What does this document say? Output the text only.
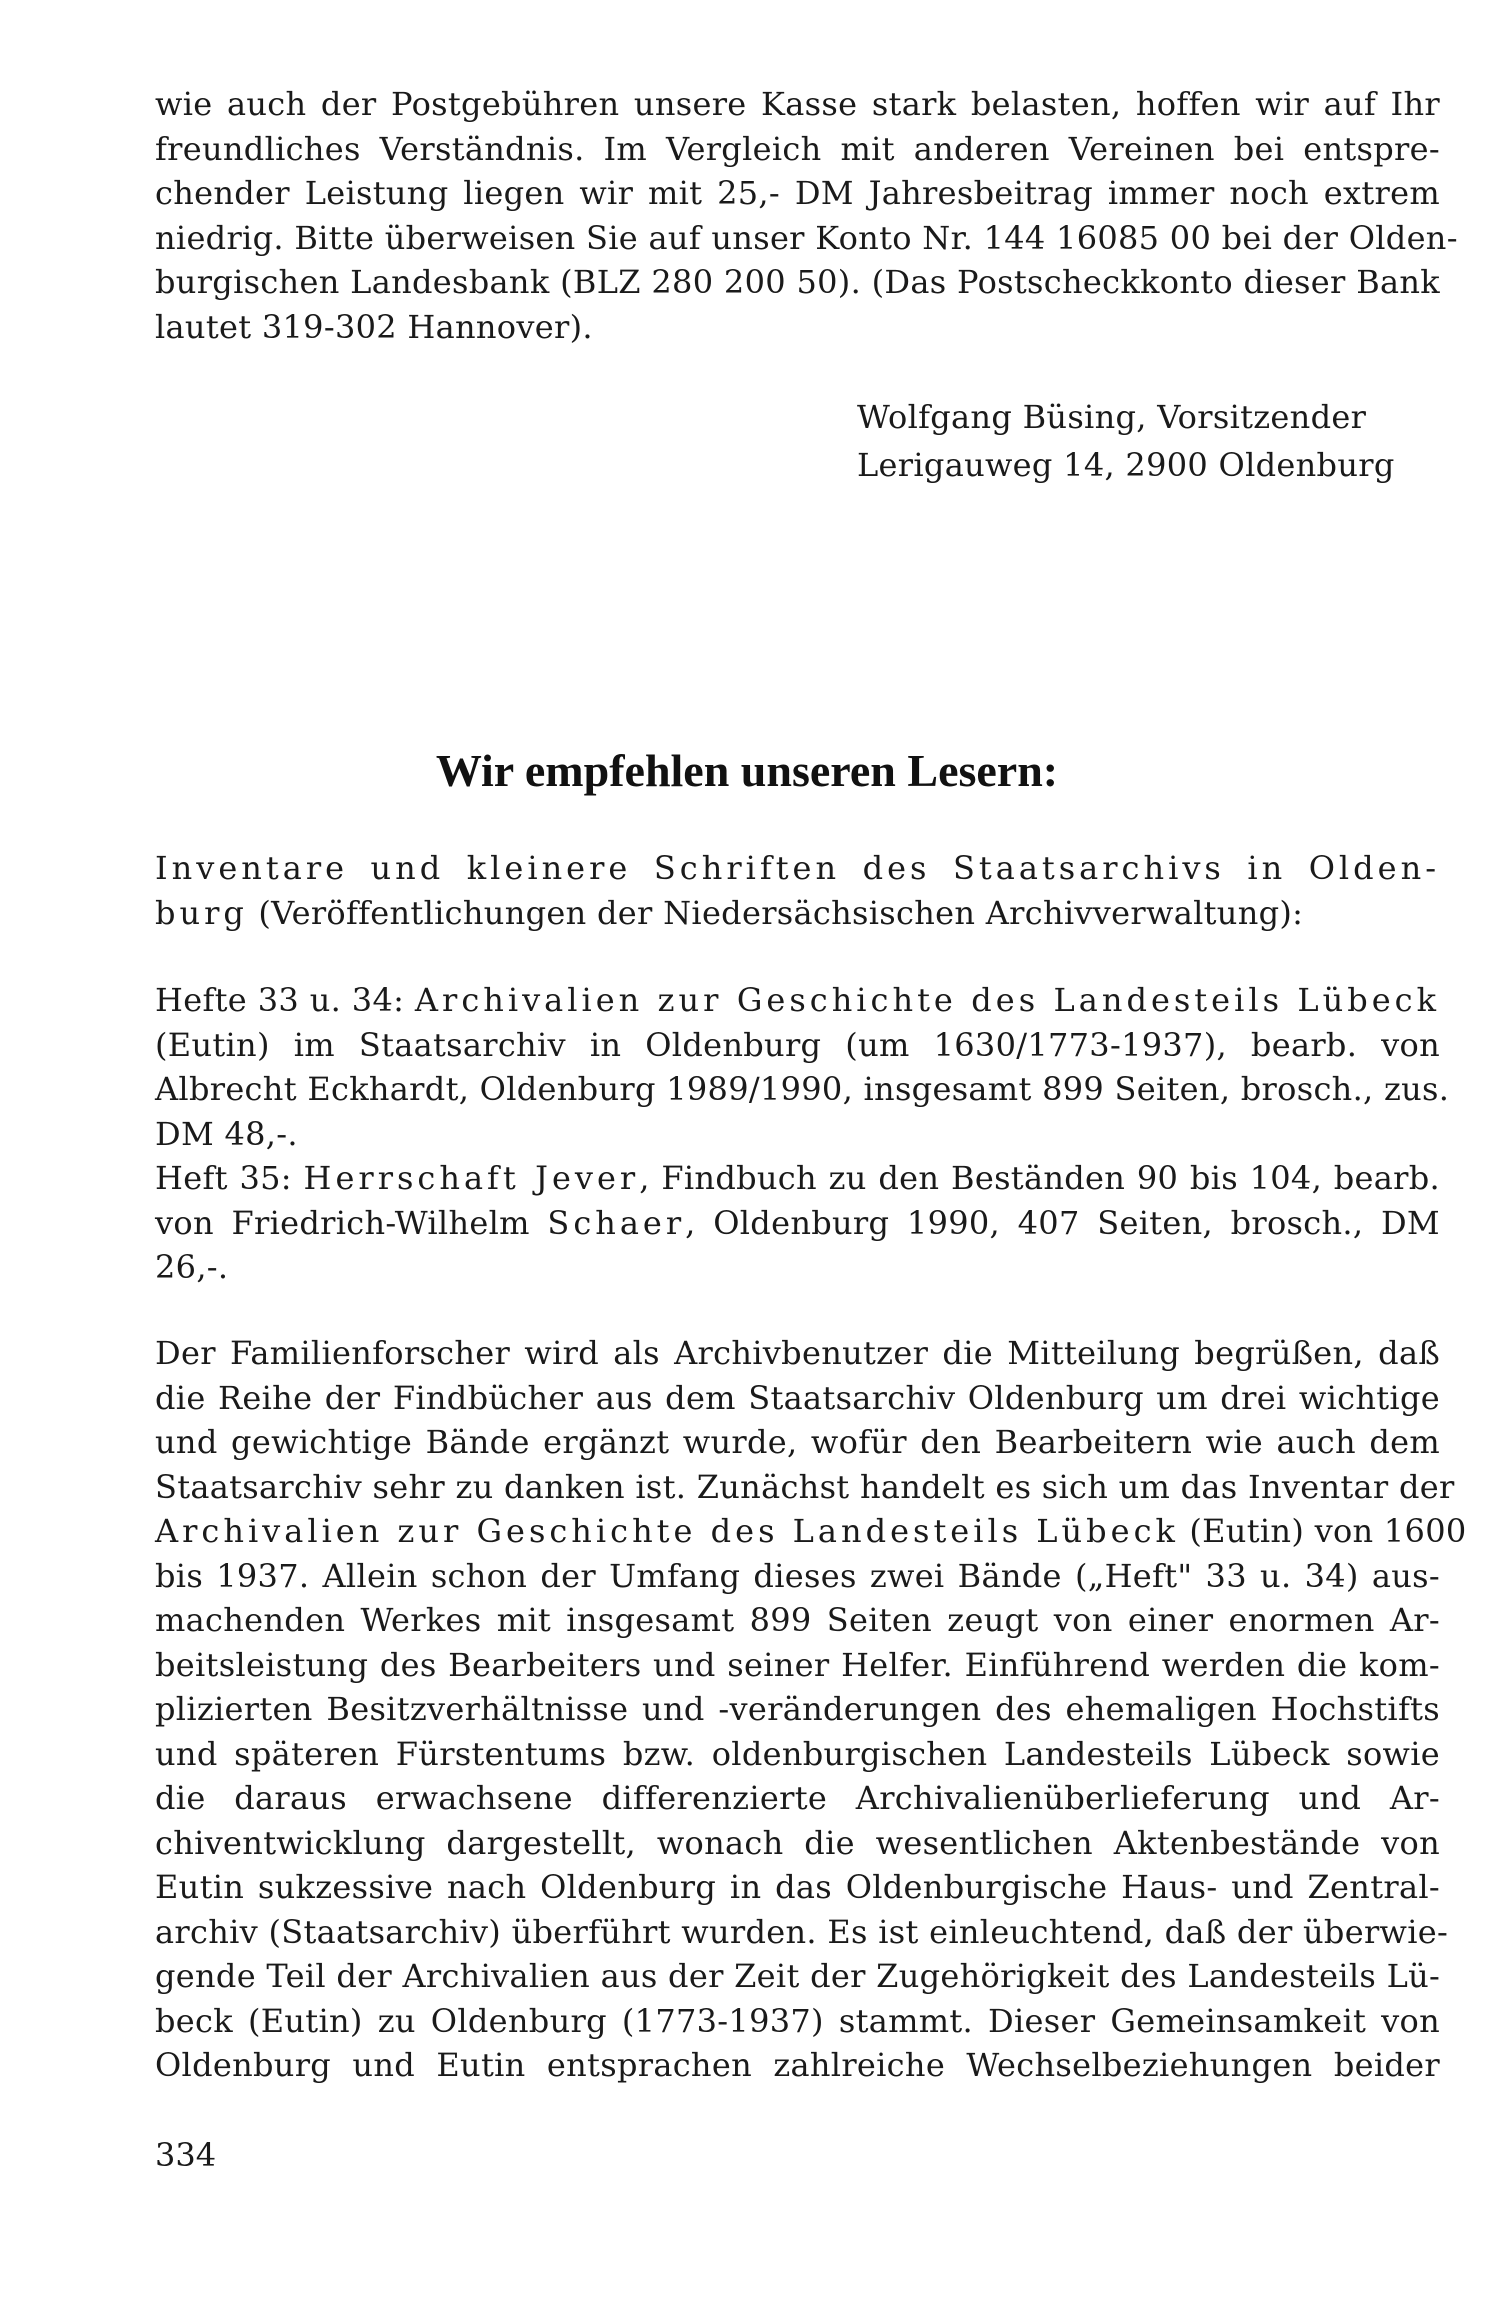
wie auch der Postgebühren unsere Kasse stark belasten, hoffen wir auf Ihr
freundliches Verständnis. Im Vergleich mit anderen Vereinen bei entspre-
chender Leistung liegen wir mit 25,- DM Jahresbeitrag immer noch extrem
niedrig. Bitte überweisen Sie auf unser Konto Nr. 144 16085 00 bei der Olden-
burgischen Landesbank (BLZ 280 200 50). (Das Postscheckkonto dieser Bank
lautet 319-302 Hannover).
Wolfgang Büsing, Vorsitzender
Lerigauweg 14, 2900 Oldenburg
Wir empfehlen unseren Lesern:
Inventare und kleinere Schriften des Staatsarchivs in Olden-
burg (Veröffentlichungen der Niedersächsischen Archivverwaltung):
Hefte 33 u. 34: Archivalien zur Geschichte des Landesteils Lübeck
(Eutin) im Staatsarchiv in Oldenburg (um 1630/1773-1937), bearb. von
Albrecht Eckhardt, Oldenburg 1989/1990, insgesamt 899 Seiten, brosch., zus.
DM 48,-.
Heft 35: Herrschaft Jever, Findbuch zu den Beständen 90 bis 104, bearb.
von Friedrich-Wilhelm Schaer, Oldenburg 1990, 407 Seiten, brosch., DM
26,-.
Der Familienforscher wird als Archivbenutzer die Mitteilung begrüßen, daß
die Reihe der Findbücher aus dem Staatsarchiv Oldenburg um drei wichtige
und gewichtige Bände ergänzt wurde, wofür den Bearbeitern wie auch dem
Staatsarchiv sehr zu danken ist. Zunächst handelt es sich um das Inventar der
Archivalien zur Geschichte des Landesteils Lübeck (Eutin) von 1600
bis 1937. Allein schon der Umfang dieses zwei Bände („Heft" 33 u. 34) aus-
machenden Werkes mit insgesamt 899 Seiten zeugt von einer enormen Ar-
beitsleistung des Bearbeiters und seiner Helfer. Einführend werden die kom-
plizierten Besitzverhältnisse und -veränderungen des ehemaligen Hochstifts
und späteren Fürstentums bzw. oldenburgischen Landesteils Lübeck sowie
die daraus erwachsene differenzierte Archivalienüberlieferung und Ar-
chiventwicklung dargestellt, wonach die wesentlichen Aktenbestände von
Eutin sukzessive nach Oldenburg in das Oldenburgische Haus- und Zentral-
archiv (Staatsarchiv) überführt wurden. Es ist einleuchtend, daß der überwie-
gende Teil der Archivalien aus der Zeit der Zugehörigkeit des Landesteils Lü-
beck (Eutin) zu Oldenburg (1773-1937) stammt. Dieser Gemeinsamkeit von
Oldenburg und Eutin entsprachen zahlreiche Wechselbeziehungen beider
334
